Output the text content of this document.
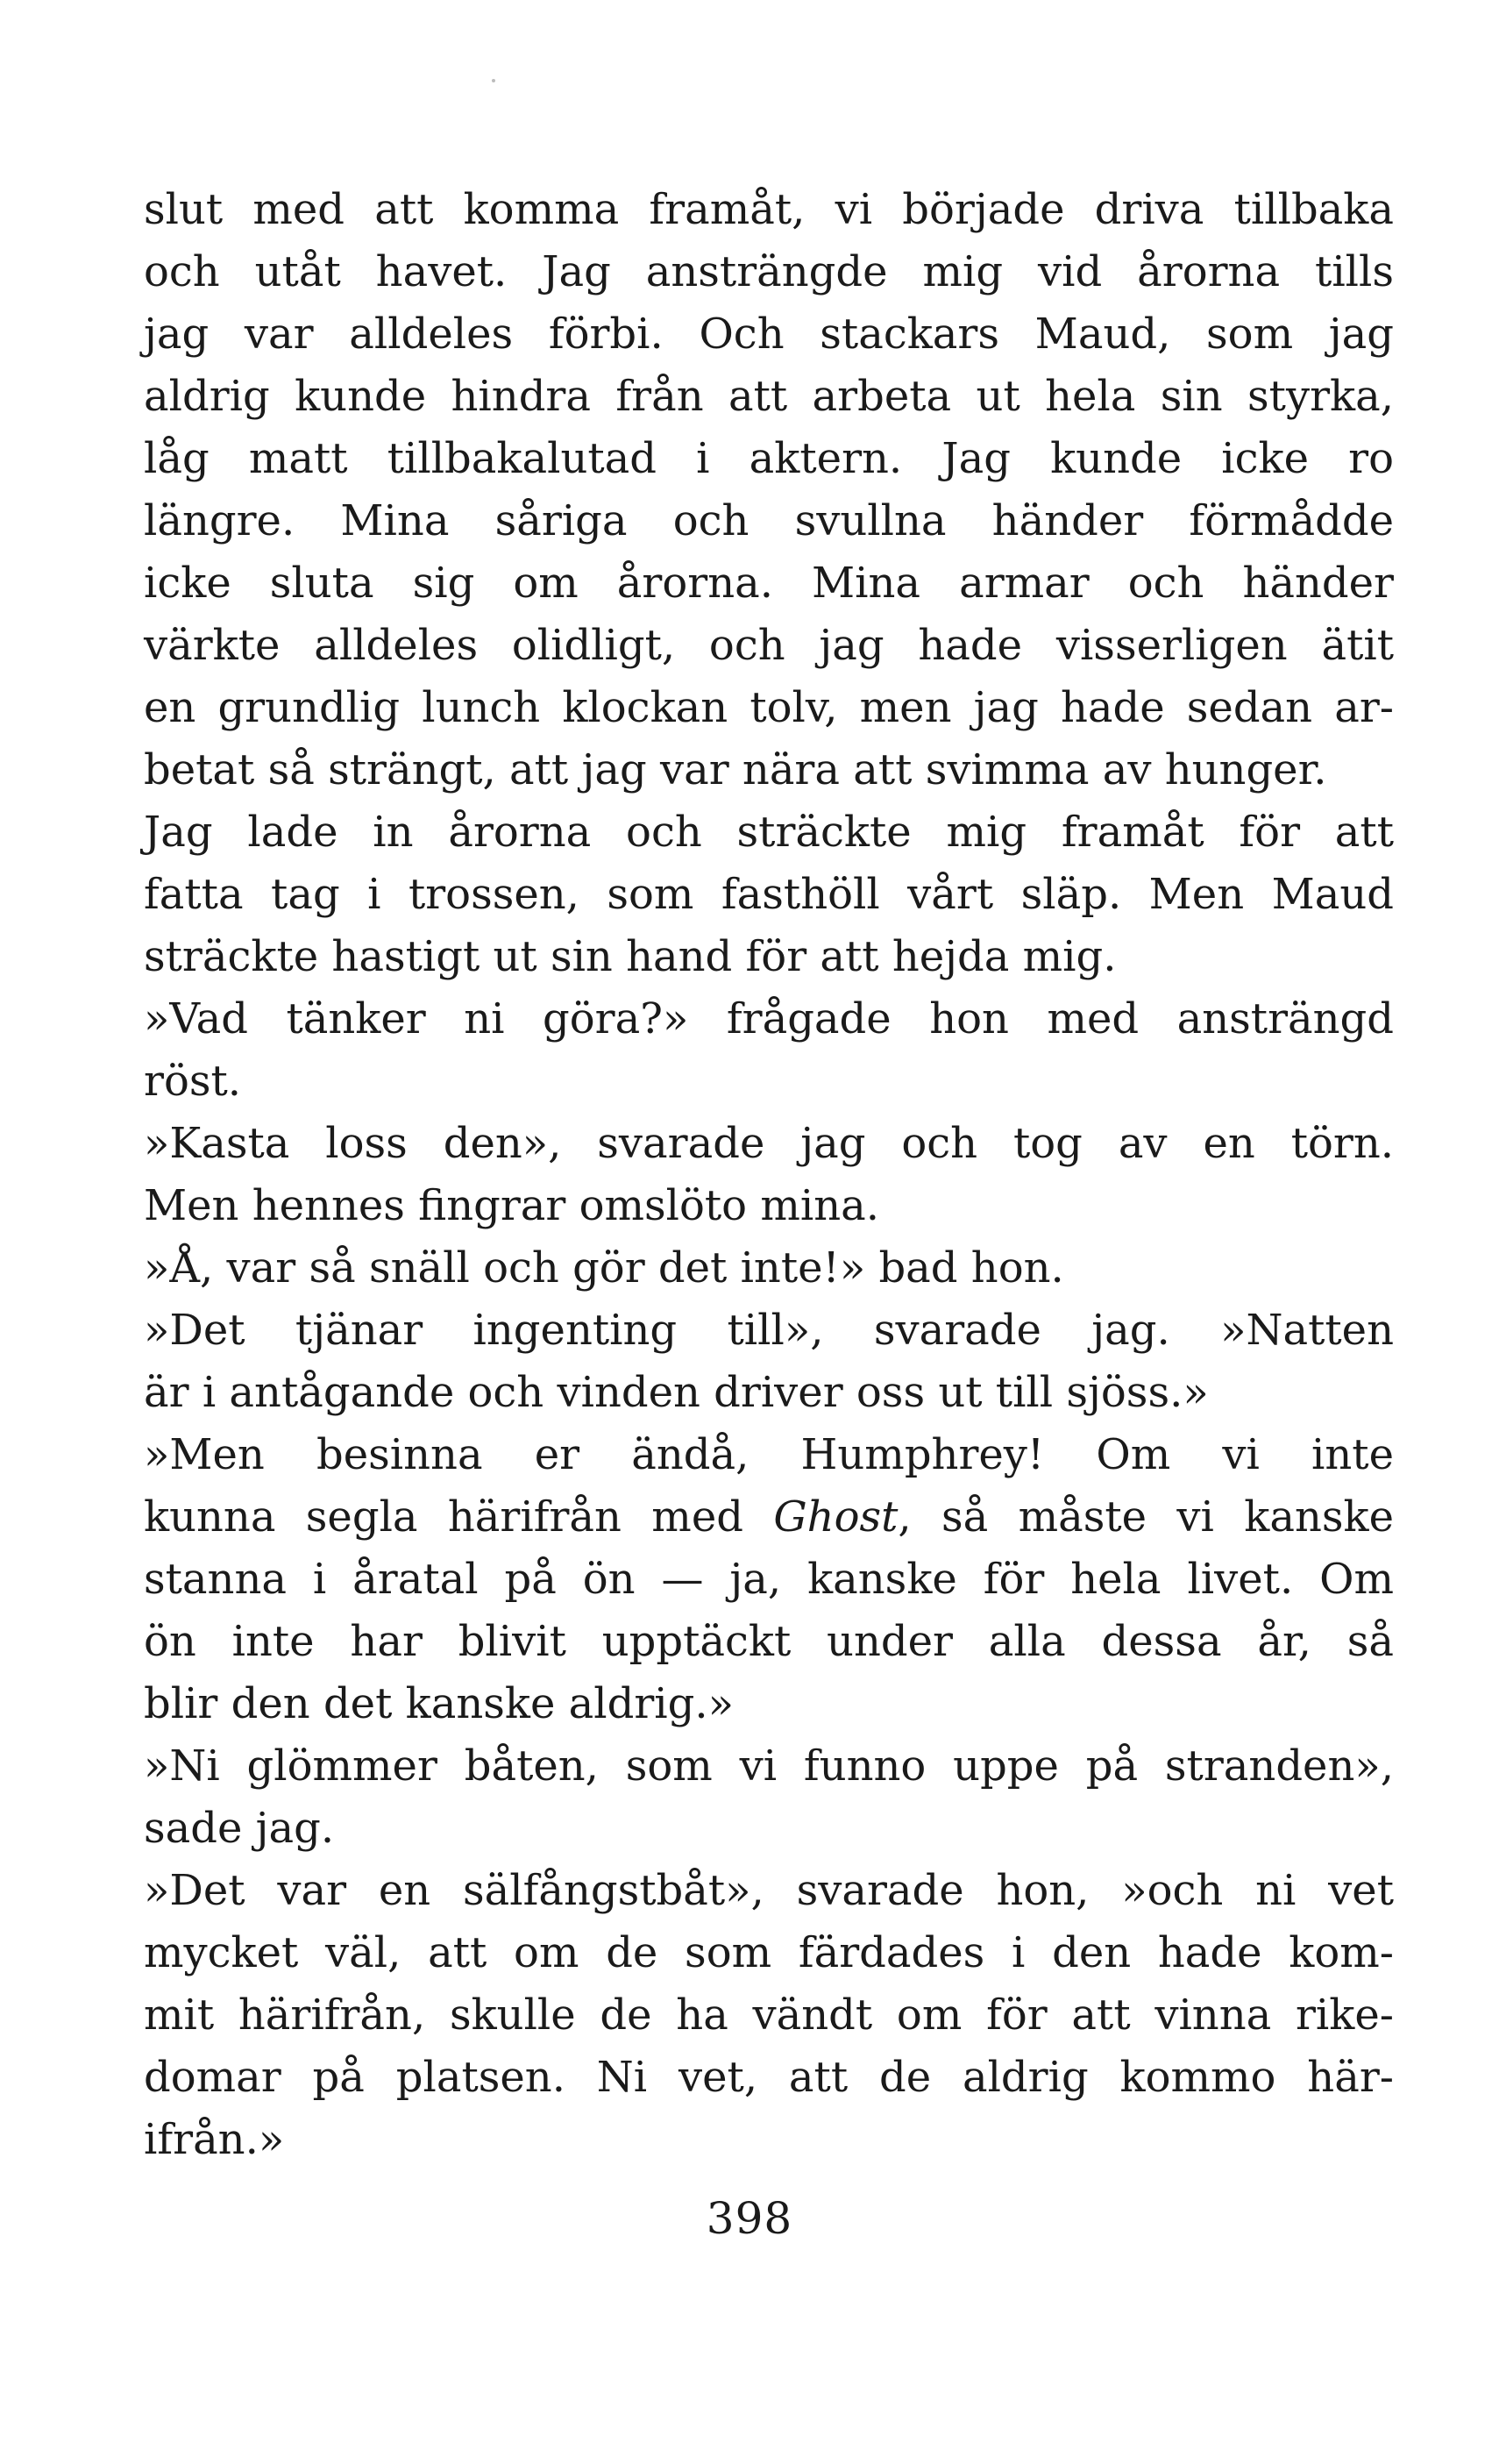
slut med att komma framåt, vi började driva tillbaka
och utåt havet. Jag ansträngde mig vid årorna tills
jag var alldeles förbi. Och stackars Maud, som jag
aldrig kunde hindra från att arbeta ut hela sin styrka,
låg matt tillbakalutad i aktern. Jag kunde icke ro
längre. Mina såriga och svullna händer förmådde
icke sluta sig om årorna. Mina armar och händer
värkte alldeles olidligt, och jag hade visserligen ätit
en grundlig lunch klockan tolv, men jag hade sedan ar-
betat så strängt, att jag var nära att svimma av hunger.
Jag lade in årorna och sträckte mig framåt för att
fatta tag i trossen, som fasthöll vårt släp. Men Maud
sträckte hastigt ut sin hand för att hejda mig.
»Vad tänker ni göra?» frågade hon med ansträngd
röst.
»Kasta loss den», svarade jag och tog av en törn.
Men hennes fingrar omslöto mina.
»Å, var så snäll och gör det inte!» bad hon.
»Det tjänar ingenting till», svarade jag. »Natten
är i antågande och vinden driver oss ut till sjöss.»
»Men besinna er ändå, Humphrey! Om vi inte
kunna segla härifrån med Ghost, så måste vi kanske
stanna i åratal på ön — ja, kanske för hela livet. Om
ön inte har blivit upptäckt under alla dessa år, så
blir den det kanske aldrig.»
»Ni glömmer båten, som vi funno uppe på stranden»,
sade jag.
»Det var en sälfångstbåt», svarade hon, »och ni vet
mycket väl, att om de som färdades i den hade kom-
mit härifrån, skulle de ha vändt om för att vinna rike-
domar på platsen. Ni vet, att de aldrig kommo här-
ifrån.»
398
